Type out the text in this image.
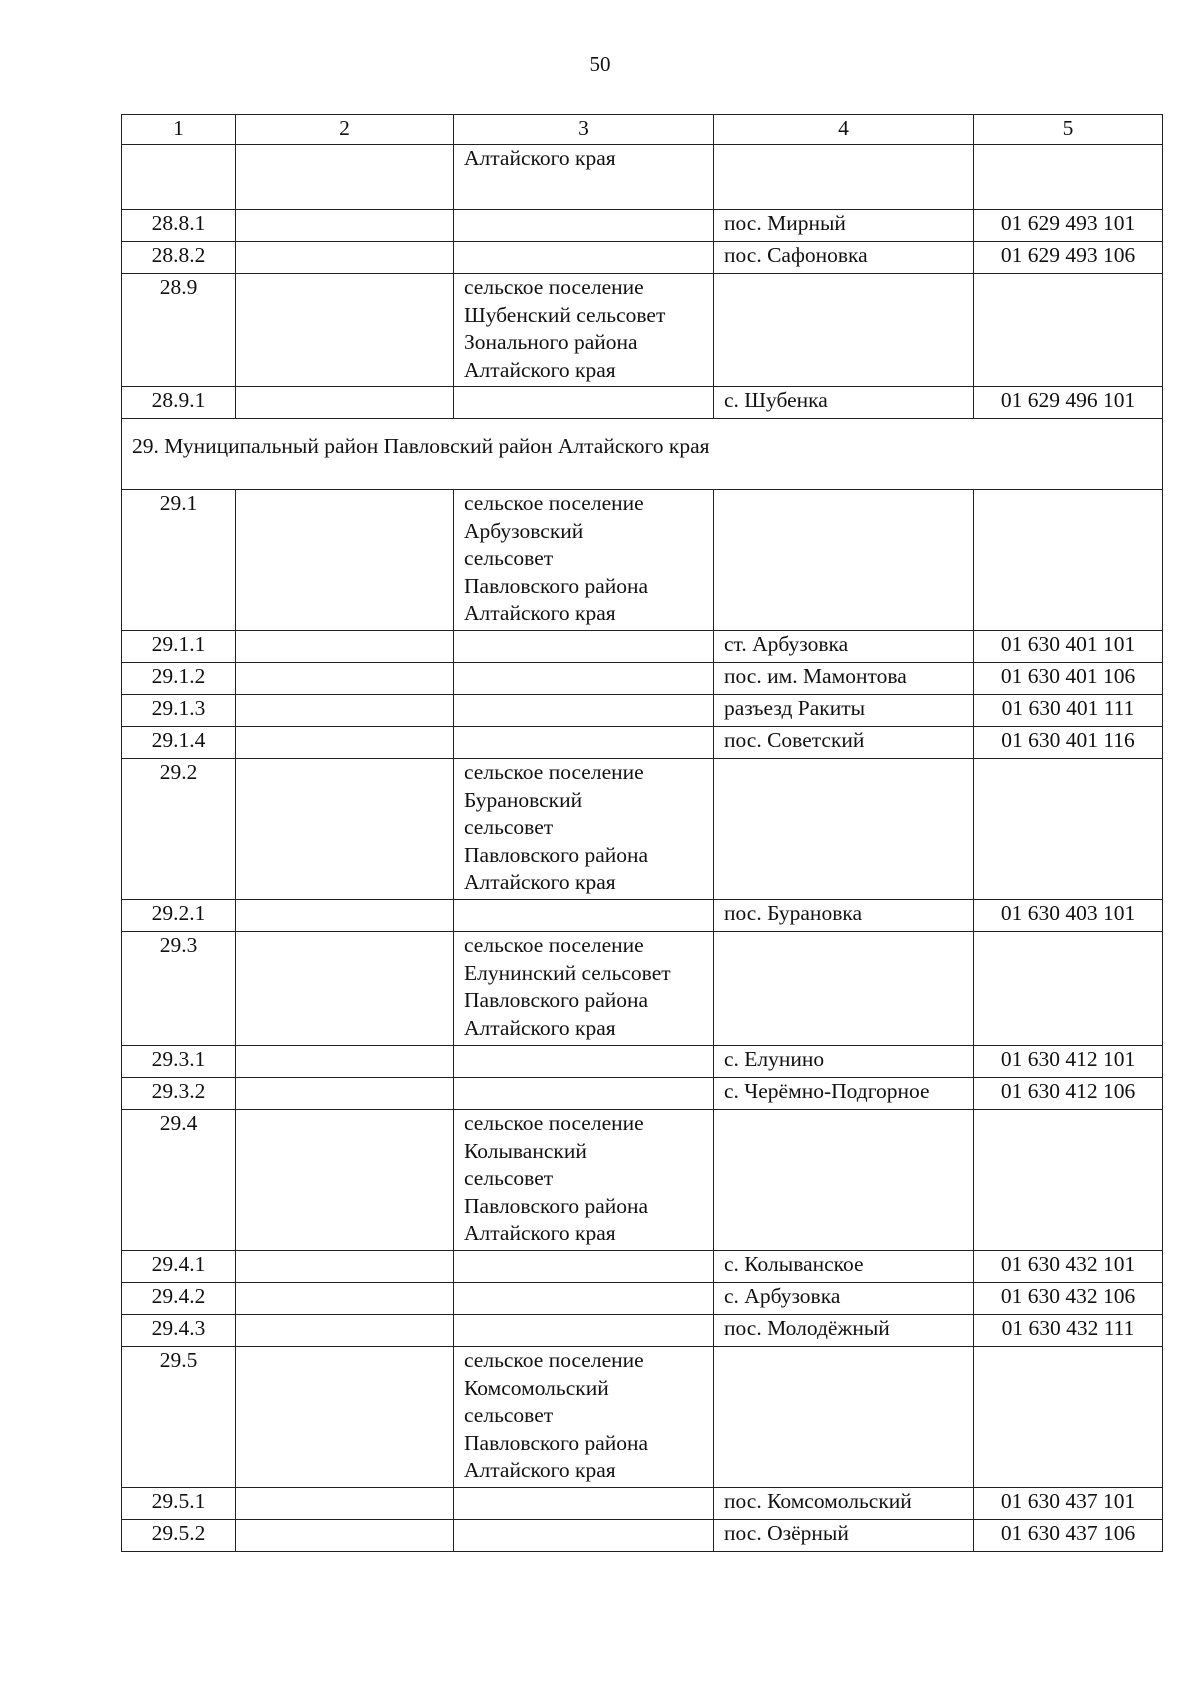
50
1	2	3	4	5

		Алтайского края		

28.8.1			пос. Мирный	01 629 493 101
28.8.2			пос. Сафоновка	01 629 493 106
28.9		сельское поселение
Шубенский сельсовет
Зонального района
Алтайского края		

28.9.1			с. Шубенка	01 629 496 101
29. Муниципальный район Павловский район Алтайского края				
29.1		сельское поселение
Арбузовский
сельсовет
Павловского района
Алтайского края		

29.1.1			ст. Арбузовка	01 630 401 101
29.1.2			пос. им. Мамонтова	01 630 401 106
29.1.3			разъезд Ракиты	01 630 401 111
29.1.4			пос. Советский	01 630 401 116
29.2		сельское поселение
Бурановский
сельсовет
Павловского района
Алтайского края		

29.2.1			пос. Бурановка	01 630 403 101
29.3		сельское поселение
Елунинский сельсовет
Павловского района
Алтайского края		

29.3.1			с. Елунино	01 630 412 101
29.3.2			с. Черёмно-Подгорное	01 630 412 106
29.4		сельское поселение
Колыванский
сельсовет
Павловского района
Алтайского края		

29.4.1			с. Колыванское	01 630 432 101
29.4.2			с. Арбузовка	01 630 432 106
29.4.3			пос. Молодёжный	01 630 432 111
29.5		сельское поселение
Комсомольский
сельсовет
Павловского района
Алтайского края		

29.5.1			пос. Комсомольский	01 630 437 101
29.5.2			пос. Озёрный	01 630 437 106
